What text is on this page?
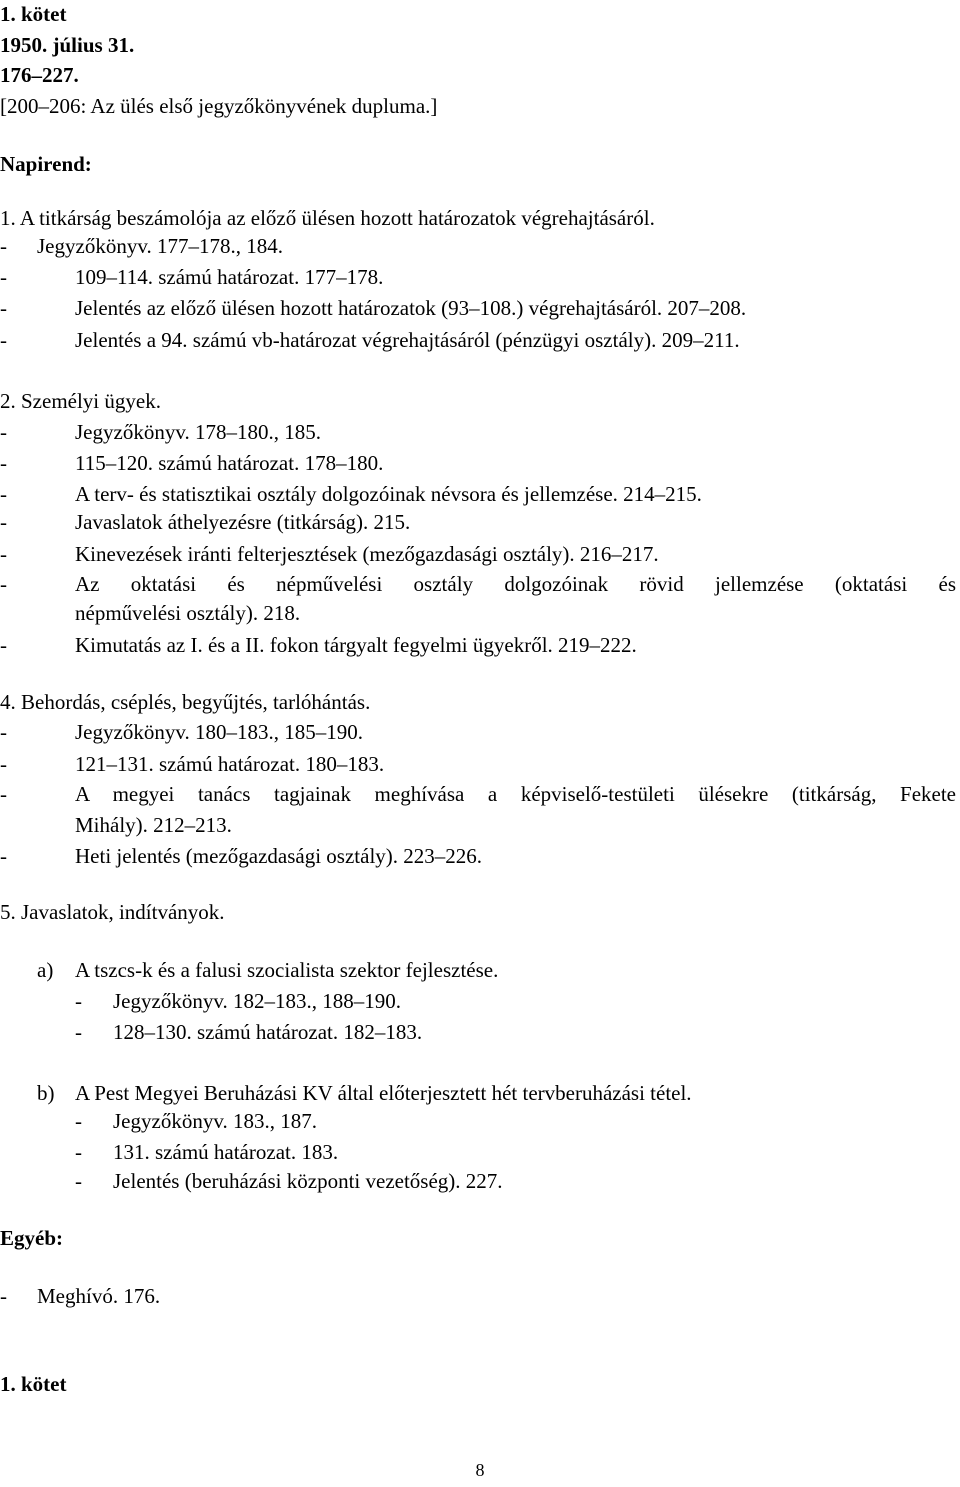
1. kötet
1950. július 31.
176–227.
[200–206: Az ülés első jegyzőkönyvének dupluma.]
Napirend:
1. A titkárság beszámolója az előző ülésen hozott határozatok végrehajtásáról.
- Jegyzőkönyv. 177–178., 184.
-	109–114. számú határozat. 177–178.
-	Jelentés az előző ülésen hozott határozatok (93–108.) végrehajtásáról. 207–208.
-	Jelentés a 94. számú vb-határozat végrehajtásáról (pénzügyi osztály). 209–211.
2. Személyi ügyek.
-	Jegyzőkönyv. 178–180., 185.
-	115–120. számú határozat. 178–180.
-	A terv- és statisztikai osztály dolgozóinak névsora és jellemzése. 214–215.
-	Javaslatok áthelyezésre (titkárság). 215.
-	Kinevezések iránti felterjesztések (mezőgazdasági osztály). 216–217.
-	Az oktatási és népművelési osztály dolgozóinak rövid jellemzése (oktatási és
népművelési osztály). 218.
-	Kimutatás az I. és a II. fokon tárgyalt fegyelmi ügyekről. 219–222.
4. Behordás, cséplés, begyűjtés, tarlóhántás.
-	Jegyzőkönyv. 180–183., 185–190.
-	121–131. számú határozat. 180–183.
-	A megyei tanács tagjainak meghívása a képviselő-testületi ülésekre (titkárság, Fekete
Mihály). 212–213.
-	Heti jelentés (mezőgazdasági osztály). 223–226.
5. Javaslatok, indítványok.
a) A tszcs-k és a falusi szocialista szektor fejlesztése.
- Jegyzőkönyv. 182–183., 188–190.
- 128–130. számú határozat. 182–183.
b) A Pest Megyei Beruházási KV által előterjesztett hét tervberuházási tétel.
- Jegyzőkönyv. 183., 187.
- 131. számú határozat. 183.
- Jelentés (beruházási központi vezetőség). 227.
Egyéb:
- Meghívó. 176.
1. kötet
8
